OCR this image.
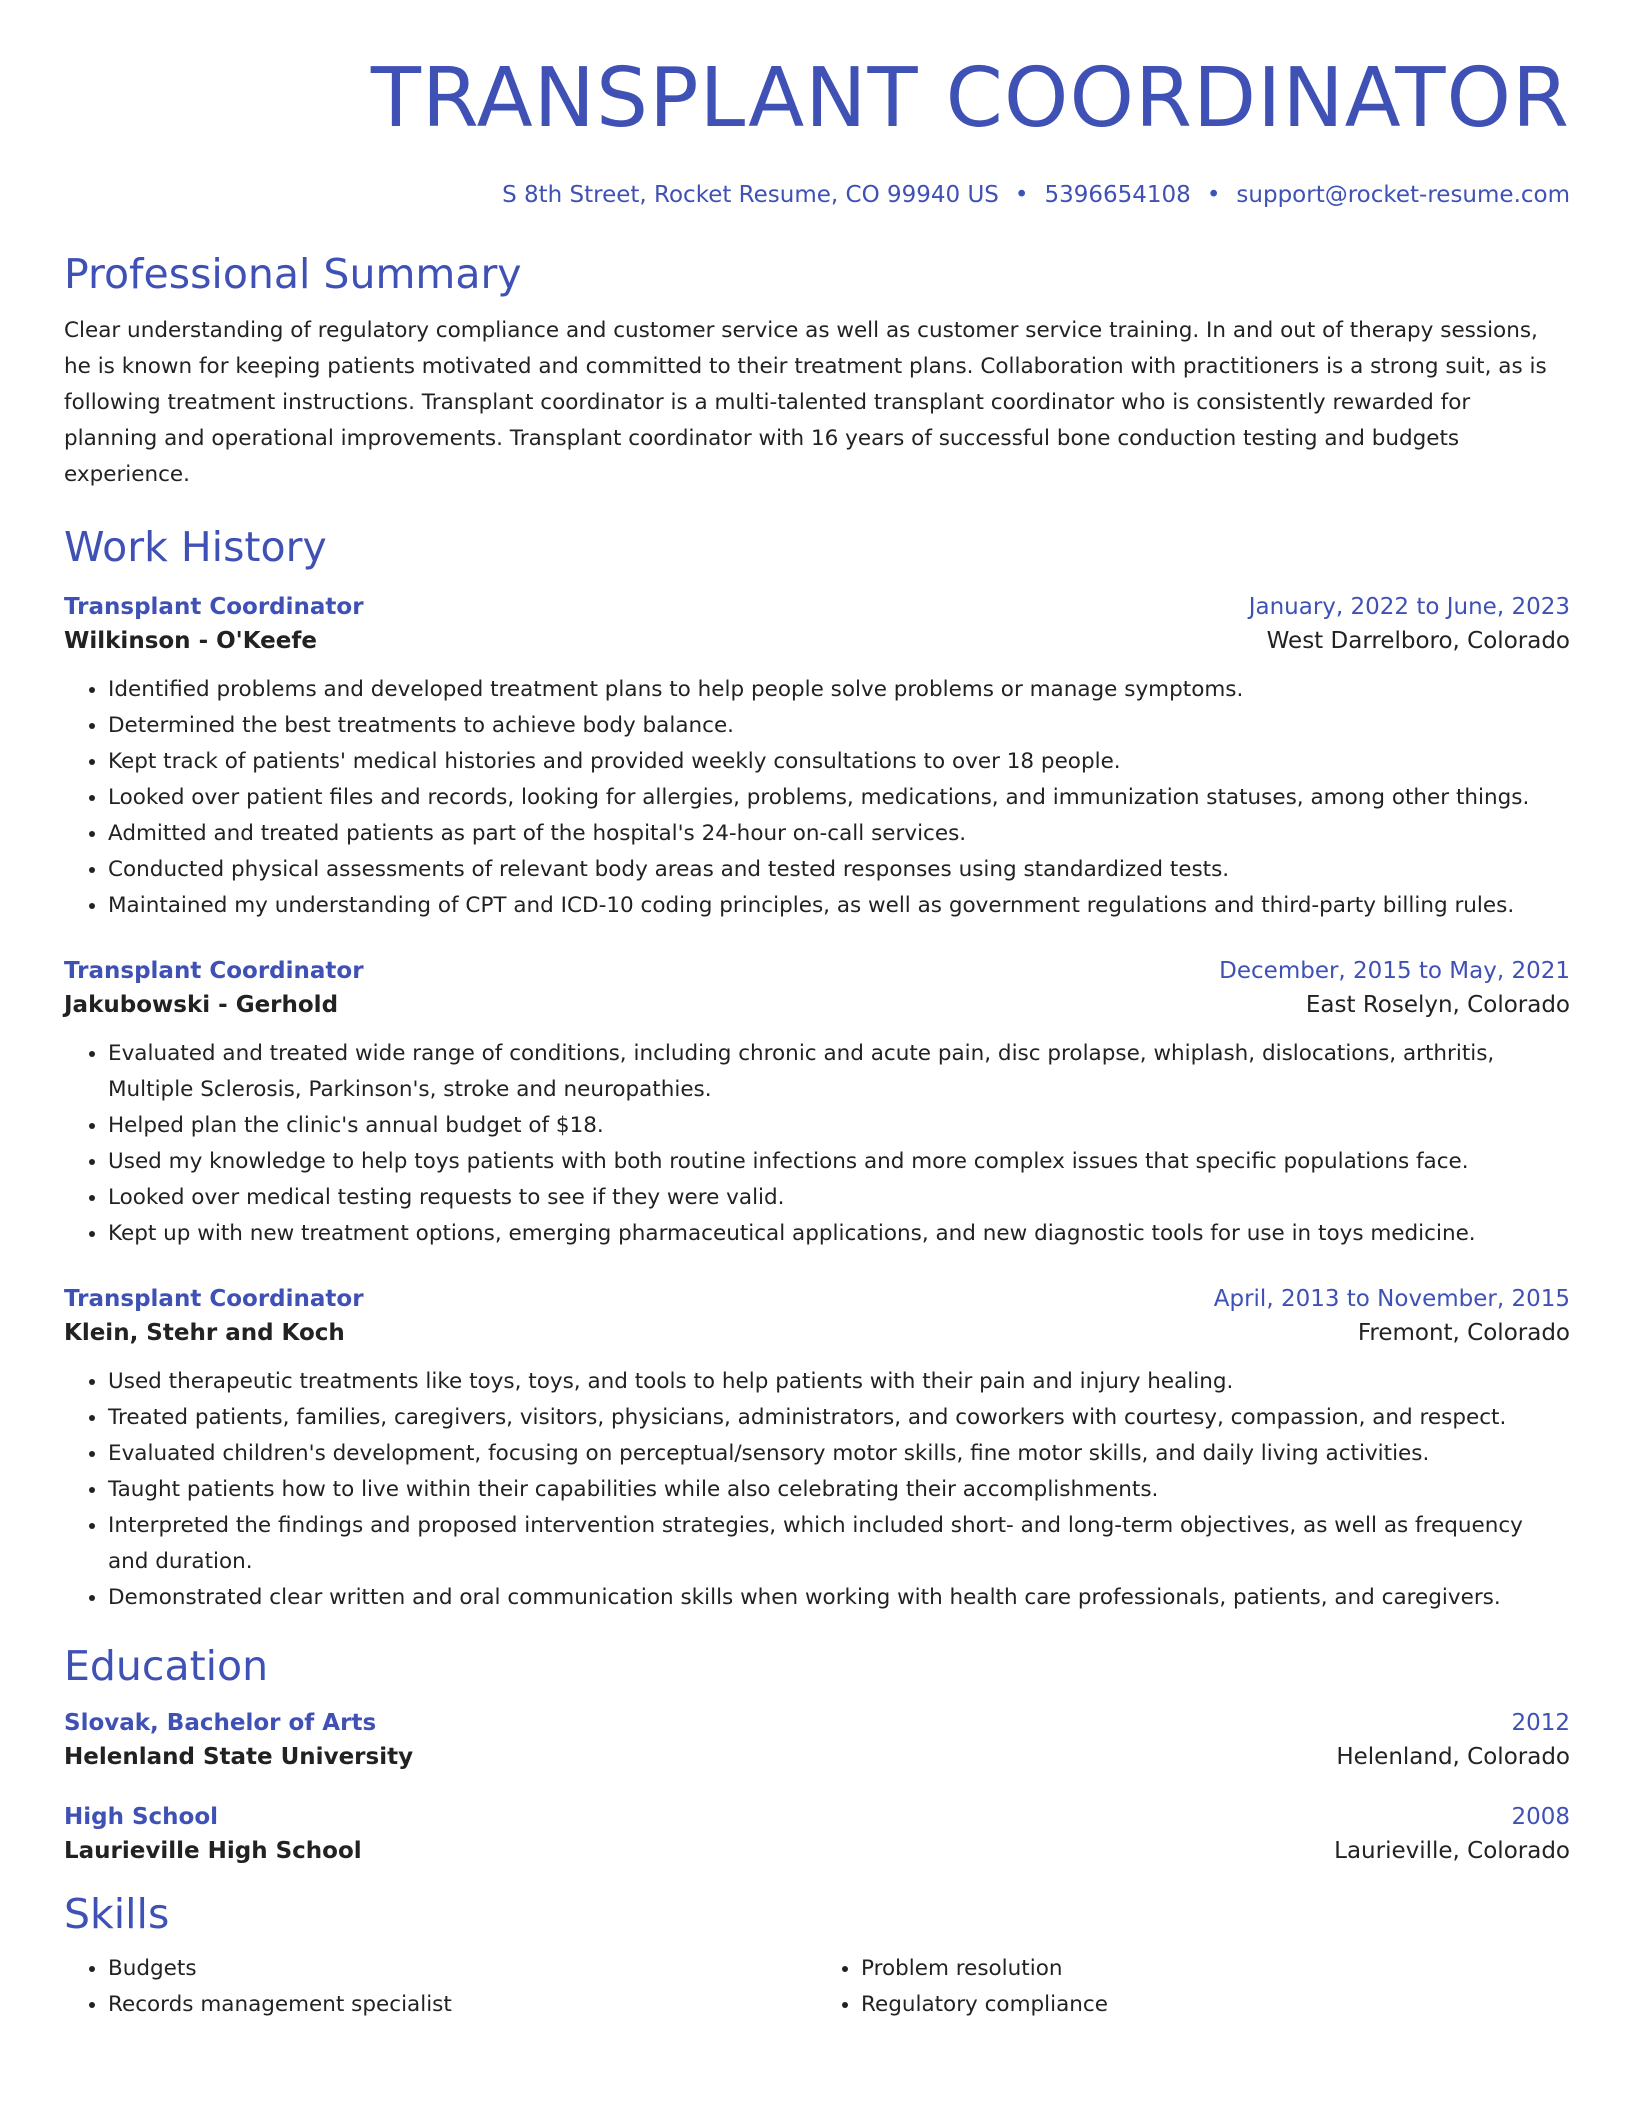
TRANSPLANT COORDINATOR
S 8th Street, Rocket Resume, CO 99940 US • 5396654108 • support@rocket-resume.com
Professional Summary

Clear understanding of regulatory compliance and customer service as well as customer service training. In and out of therapy sessions, he is known for keeping patients motivated and committed to their treatment plans. Collaboration with practitioners is a strong suit, as is following treatment instructions. Transplant coordinator is a multi-talented transplant coordinator who is consistently rewarded for planning and operational improvements. Transplant coordinator with 16 years of successful bone conduction testing and budgets experience.

Work History
Transplant Coordinator	January, 2022 to June, 2023
Wilkinson - O'Keefe	West Darrelboro, Colorado
• Identified problems and developed treatment plans to help people solve problems or manage symptoms.
• Determined the best treatments to achieve body balance.
• Kept track of patients' medical histories and provided weekly consultations to over 18 people.
• Looked over patient files and records, looking for allergies, problems, medications, and immunization statuses, among other things.
• Admitted and treated patients as part of the hospital's 24-hour on-call services.
• Conducted physical assessments of relevant body areas and tested responses using standardized tests.
• Maintained my understanding of CPT and ICD-10 coding principles, as well as government regulations and third-party billing rules.
Transplant Coordinator	December, 2015 to May, 2021
Jakubowski - Gerhold	East Roselyn, Colorado
• Evaluated and treated wide range of conditions, including chronic and acute pain, disc prolapse, whiplash, dislocations, arthritis, Multiple Sclerosis, Parkinson's, stroke and neuropathies.
• Helped plan the clinic's annual budget of $18.
• Used my knowledge to help toys patients with both routine infections and more complex issues that specific populations face.
• Looked over medical testing requests to see if they were valid.
• Kept up with new treatment options, emerging pharmaceutical applications, and new diagnostic tools for use in toys medicine.
Transplant Coordinator	April, 2013 to November, 2015
Klein, Stehr and Koch	Fremont, Colorado
• Used therapeutic treatments like toys, toys, and tools to help patients with their pain and injury healing.
• Treated patients, families, caregivers, visitors, physicians, administrators, and coworkers with courtesy, compassion, and respect.
• Evaluated children's development, focusing on perceptual/sensory motor skills, fine motor skills, and daily living activities.
• Taught patients how to live within their capabilities while also celebrating their accomplishments.
• Interpreted the findings and proposed intervention strategies, which included short- and long-term objectives, as well as frequency and duration.
• Demonstrated clear written and oral communication skills when working with health care professionals, patients, and caregivers.
Education
Slovak, Bachelor of Arts	2012
Helenland State University	Helenland, Colorado
High School	2008
Laurieville High School	Laurieville, Colorado
Skills
• Budgets
• Records management specialist
• Problem resolution
• Regulatory compliance
